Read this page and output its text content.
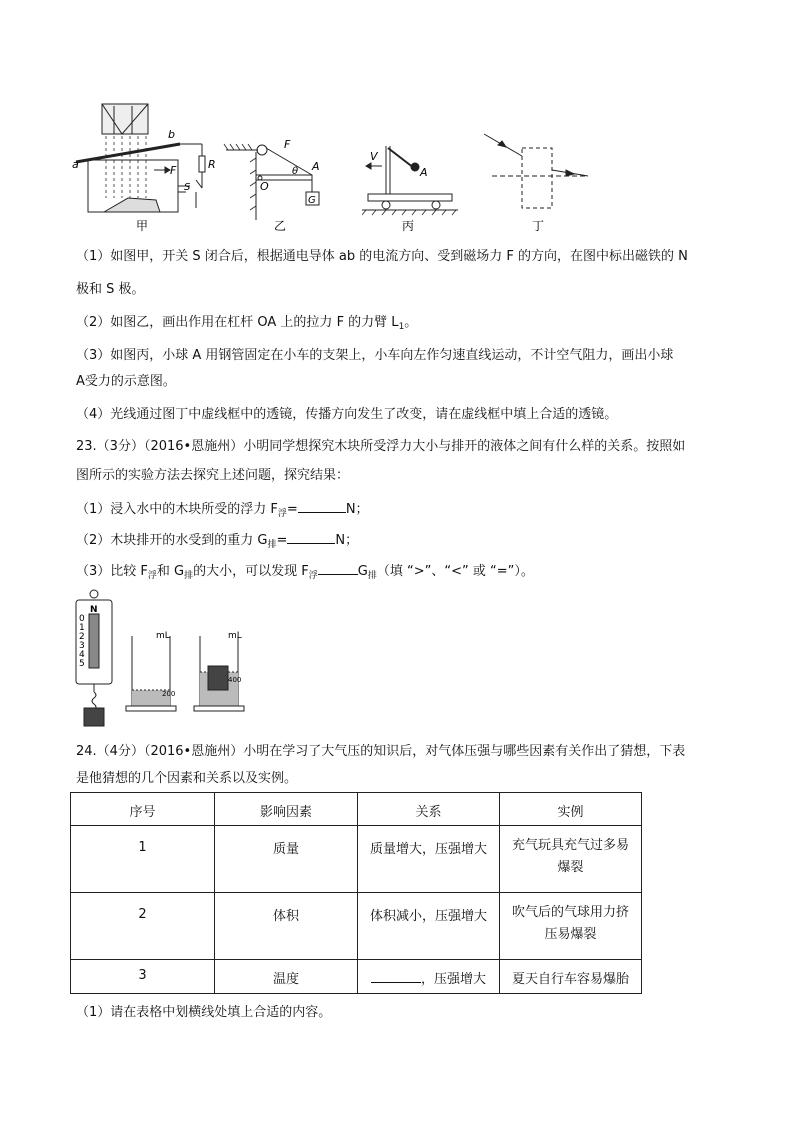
a
b
F	R
S
甲
F
θ A
O
G
乙
V
A
丙	丁
（1）如图甲，开关 S 闭合后，根据通电导体 ab 的电流方向、受到磁场力 F 的方向，在图中标出磁铁的 N
极和 S 极。
（2）如图乙，画出作用在杠杆 OA 上的拉力 F 的力臂 $L_1$。
（3）如图丙，小球 A 用钢管固定在小车的支架上，小车向左作匀速直线运动，不计空气阻力，画出小球
A受力的示意图。
（4）光线通过图丁中虚线框中的透镜，传播方向发生了改变，请在虚线框中填上合适的透镜。
23.（3分）（2016•恩施州）小明同学想探究木块所受浮力大小与排开的液体之间有什么样的关系。按照如
图所示的实验方法去探究上述问题，探究结果：
（1）浸入水中的木块所受的浮力 $F_浮=$	N；
（2）木块排开的水受到的重力 $G_排=$	N；
（3）比较 $F_浮$和 $G_排$的大小，可以发现 $F_浮$	$G_排$（填 “>”、“<” 或 “=”）。
N
0
1
2
3
4
5
mL
200
mL
400
24.（4分）（2016•恩施州）小明在学习了大气压的知识后，对气体压强与哪些因素有关作出了猜想，下表
是他猜想的几个因素和关系以及实例。
序号	影响因素	关系	实例
1	质量	质量增大，压强增大	充气玩具充气过多易
爆裂

2	体积	体积减小，压强增大	吹气后的气球用力挤
压易爆裂

3	温度	，压强增大	夏天自行车容易爆胎
（1）请在表格中划横线处填上合适的内容。
